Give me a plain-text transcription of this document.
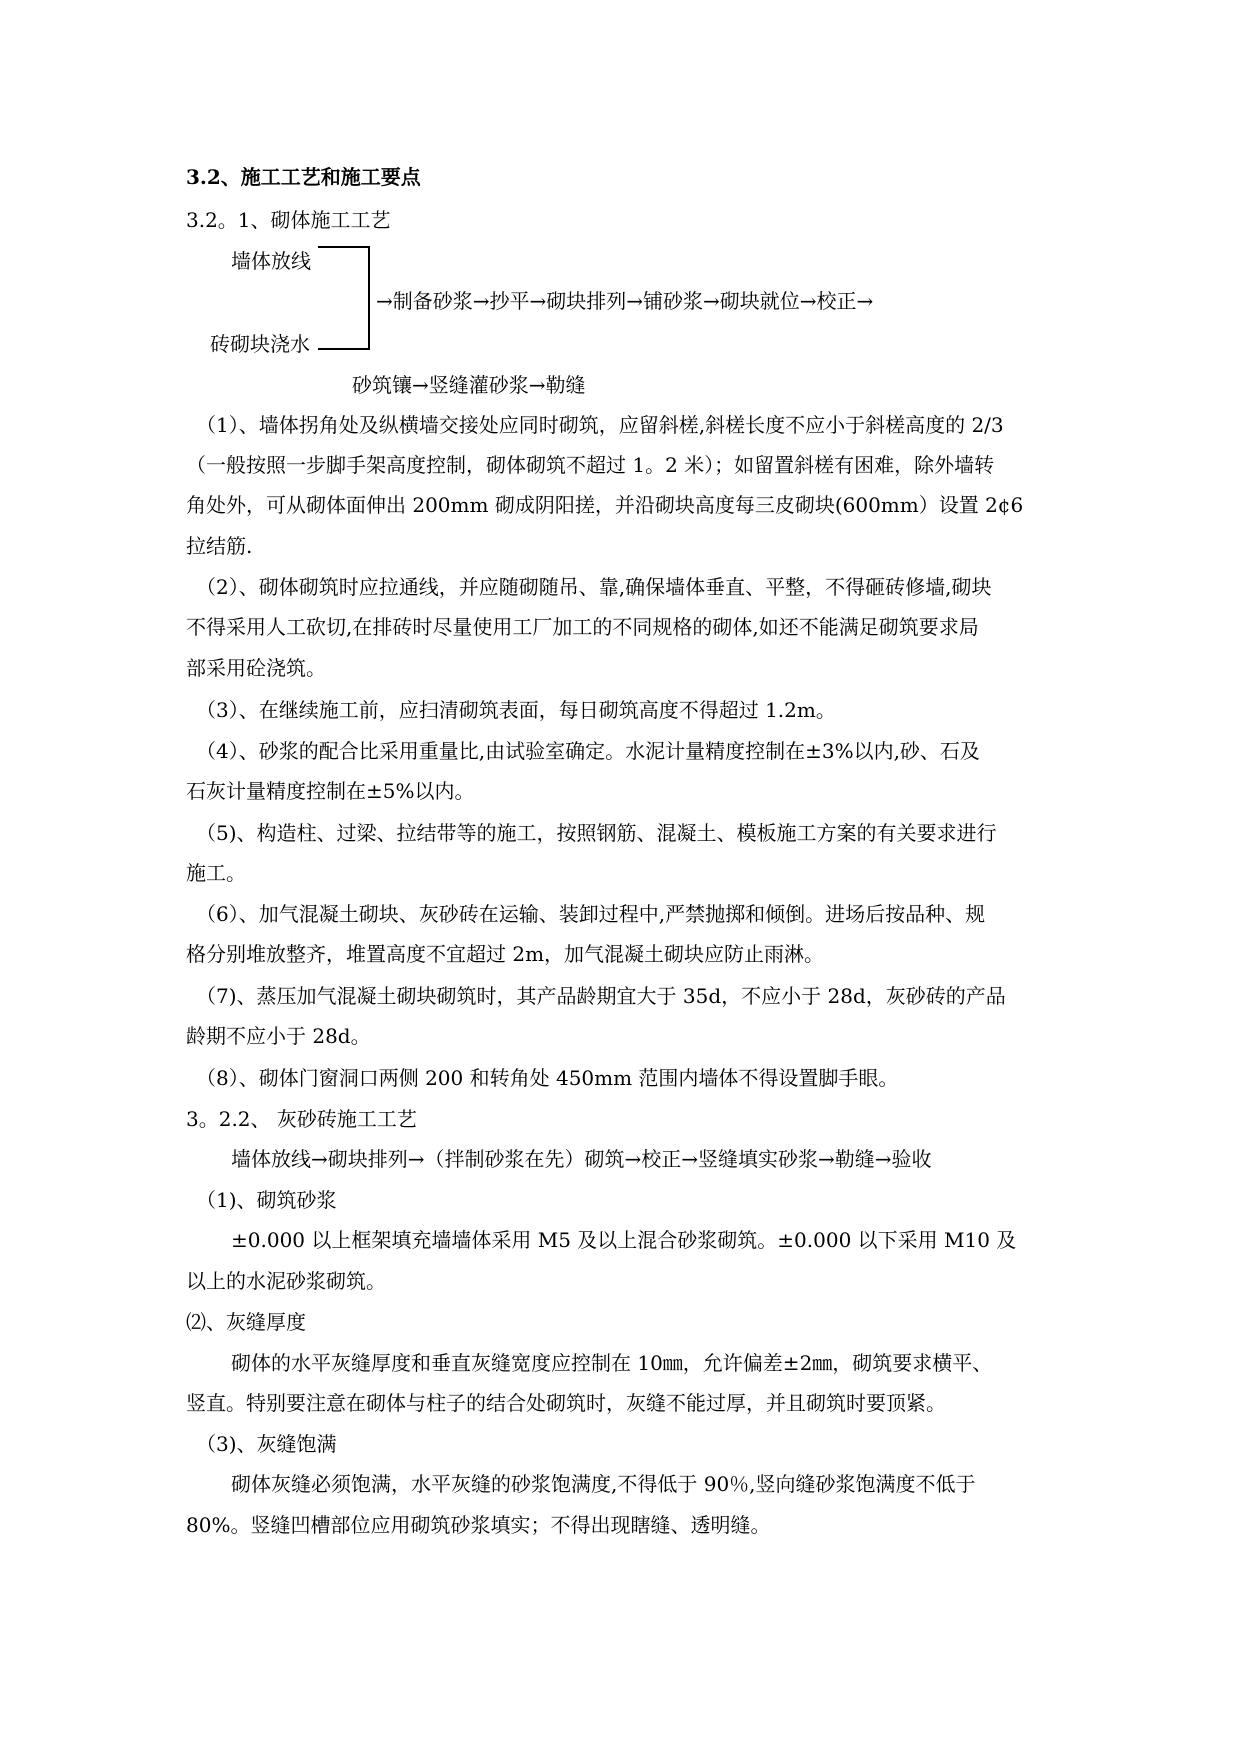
3.2、施工工艺和施工要点
3.2。1、砌体施工工艺
墙体放线
砖砌块浇水
→制备砂浆→抄平→砌块排列→铺砂浆→砌块就位→校正→
砂筑镶→竖缝灌砂浆→勒缝
（1）、墙体拐角处及纵横墙交接处应同时砌筑，应留斜槎,斜槎长度不应小于斜槎高度的 2/3
（一般按照一步脚手架高度控制，砌体砌筑不超过 1。2 米）；如留置斜槎有困难，除外墙转
角处外，可从砌体面伸出 200mm 砌成阴阳搓，并沿砌块高度每三皮砌块(600mm）设置 2¢6
拉结筋.
（2）、砌体砌筑时应拉通线，并应随砌随吊、靠,确保墙体垂直、平整，不得砸砖修墙,砌块
不得采用人工砍切,在排砖时尽量使用工厂加工的不同规格的砌体,如还不能满足砌筑要求局
部采用砼浇筑。
（3）、在继续施工前，应扫清砌筑表面，每日砌筑高度不得超过 1.2m。
（4）、砂浆的配合比采用重量比,由试验室确定。水泥计量精度控制在±3%以内,砂、石及
石灰计量精度控制在±5%以内。
（5)、构造柱、过梁、拉结带等的施工，按照钢筋、混凝土、模板施工方案的有关要求进行
施工。
（6）、加气混凝土砌块、灰砂砖在运输、装卸过程中,严禁抛掷和倾倒。进场后按品种、规
格分别堆放整齐，堆置高度不宜超过 2m，加气混凝土砌块应防止雨淋。
（7)、蒸压加气混凝土砌块砌筑时，其产品龄期宜大于 35d，不应小于 28d，灰砂砖的产品
龄期不应小于 28d。
（8）、砌体门窗洞口两侧 200 和转角处 450mm 范围内墙体不得设置脚手眼。
3。2.2、 灰砂砖施工工艺
墙体放线→砌块排列→（拌制砂浆在先）砌筑→校正→竖缝填实砂浆→勒缝→验收
（1)、砌筑砂浆
±0.000 以上框架填充墙墙体采用 M5 及以上混合砂浆砌筑。±0.000 以下采用 M10 及
以上的水泥砂浆砌筑。
⑵、灰缝厚度
砌体的水平灰缝厚度和垂直灰缝宽度应控制在 10㎜，允许偏差±2㎜，砌筑要求横平、
竖直。特别要注意在砌体与柱子的结合处砌筑时，灰缝不能过厚，并且砌筑时要顶紧。
（3)、灰缝饱满
砌体灰缝必须饱满，水平灰缝的砂浆饱满度,不得低于 90％,竖向缝砂浆饱满度不低于
80%。竖缝凹槽部位应用砌筑砂浆填实；不得出现瞎缝、透明缝。
